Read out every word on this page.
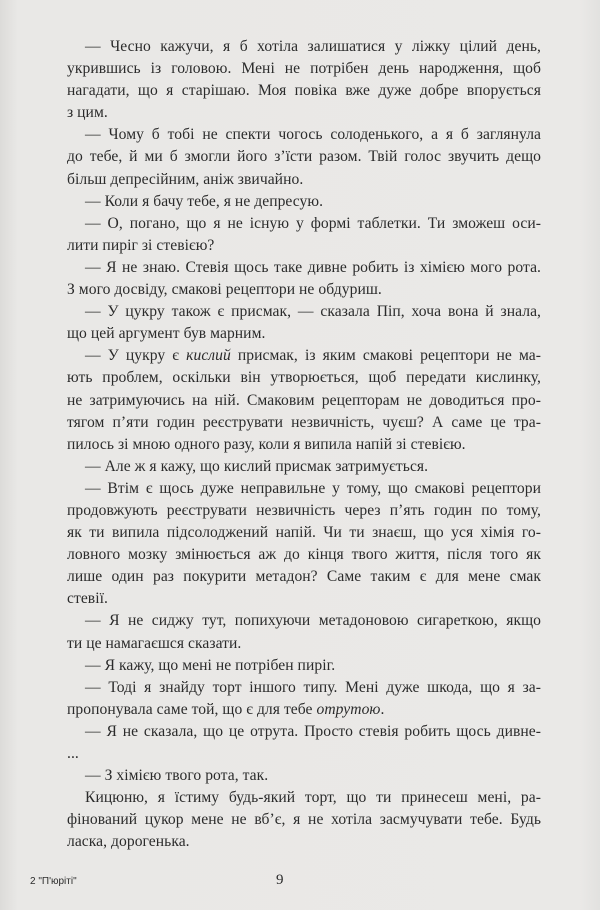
— Чесно кажучи, я б хотіла залишатися у ліжку цілий день,
укрившись із головою. Мені не потрібен день народження, щоб
нагадати, що я старішаю. Моя повіка вже дуже добре впорується
з цим.
— Чому б тобі не спекти чогось солоденького, а я б заглянула
до тебе, й ми б змогли його з’їсти разом. Твій голос звучить дещо
більш депресійним, аніж звичайно.
— Коли я бачу тебе, я не депресую.
— О, погано, що я не існую у формі таблетки. Ти зможеш оси-
лити пиріг зі стевією?
— Я не знаю. Стевія щось таке дивне робить із хімією мого рота.
З мого досвіду, смакові рецептори не обдуриш.
— У цукру також є присмак, — сказала Піп, хоча вона й знала,
що цей аргумент був марним.
— У цукру є кислий присмак, із яким смакові рецептори не ма-
ють проблем, оскільки він утворюється, щоб передати кислинку,
не затримуючись на ній. Смаковим рецепторам не доводиться про-
тягом п’яти годин реєструвати незвичність, чуєш? А саме це тра-
пилось зі мною одного разу, коли я випила напій зі стевією.
— Але ж я кажу, що кислий присмак затримується.
— Втім є щось дуже неправильне у тому, що смакові рецептори
продовжують реєструвати незвичність через п’ять годин по тому,
як ти випила підсолоджений напій. Чи ти знаєш, що уся хімія го-
ловного мозку змінюється аж до кінця твого життя, після того як
лише один раз покурити метадон? Саме таким є для мене смак
стевії.
— Я не сиджу тут, попихуючи метадоновою сигареткою, якщо
ти це намагаєшся сказати.
— Я кажу, що мені не потрібен пиріг.
— Тоді я знайду торт іншого типу. Мені дуже шкода, що я за-
пропонувала саме той, що є для тебе отрутою.
— Я не сказала, що це отрута. Просто стевія робить щось дивне-
...
— З хімією твого рота, так.
Кицюню, я їстиму будь-який торт, що ти принесеш мені, ра-
фінований цукор мене не вб’є, я не хотіла засмучувати тебе. Будь
ласка, дорогенька.
2 "П'юріті"	9
